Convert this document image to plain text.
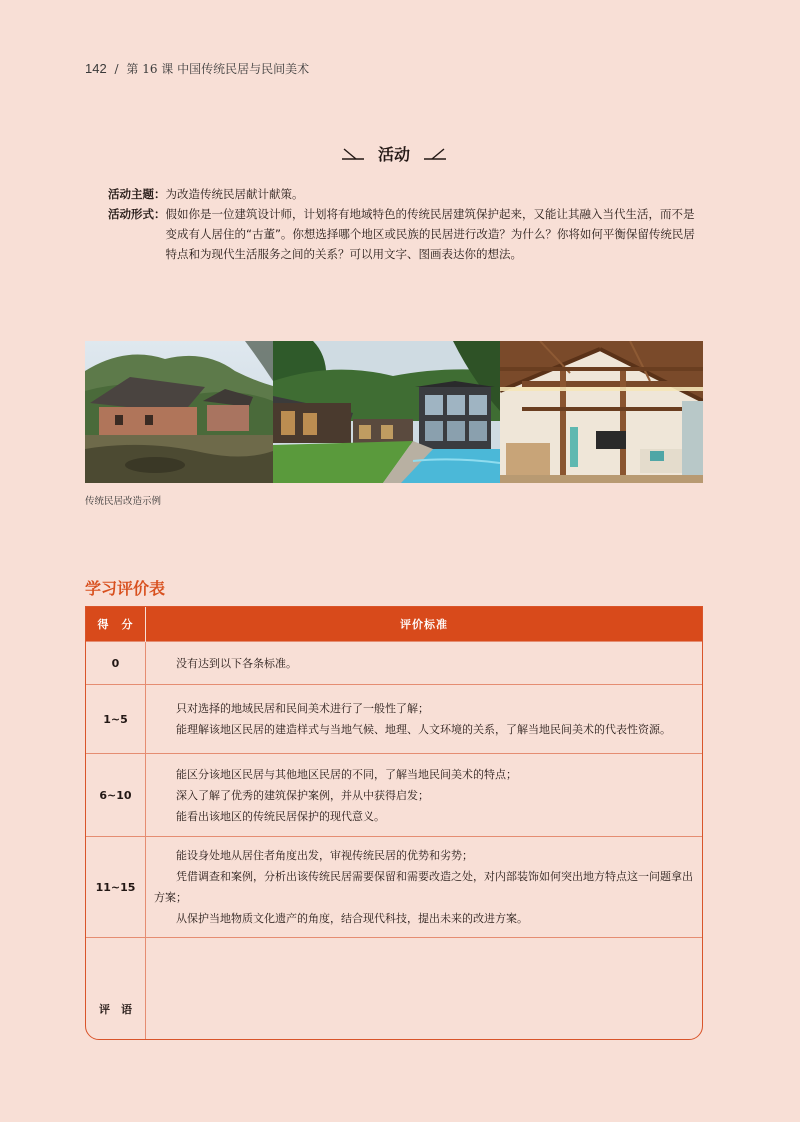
142 / 第 16 课 中国传统民居与民间美术
活动
活动主题： 为改造传统民居献计献策。
活动形式： 假如你是一位建筑设计师，计划将有地域特色的传统民居建筑保护起来，又能让其融入当代生活，而不是变成有人居住的“古董”。你想选择哪个地区或民族的民居进行改造？为什么？你将如何平衡保留传统民居特点和为现代生活服务之间的关系？可以用文字、图画表达你的想法。
传统民居改造示例
学习评价表
得　分	评价标准
0	没有达到以下各条标准。

1~5	只对选择的地域民居和民间美术进行了一般性了解；
能理解该地区民居的建造样式与当地气候、地理、人文环境的关系，了解当地民间美术的代表性资源。

6~10	能区分该地区民居与其他地区民居的不同，了解当地民间美术的特点；
深入了解了优秀的建筑保护案例，并从中获得启发；
能看出该地区的传统民居保护的现代意义。

11~15	能设身处地从居住者角度出发，审视传统民居的优势和劣势；
凭借调查和案例，分析出该传统民居需要保留和需要改造之处，对内部装饰如何突出地方特点这一问题拿出方案；
从保护当地物质文化遗产的角度，结合现代科技，提出未来的改进方案。

评　语	
